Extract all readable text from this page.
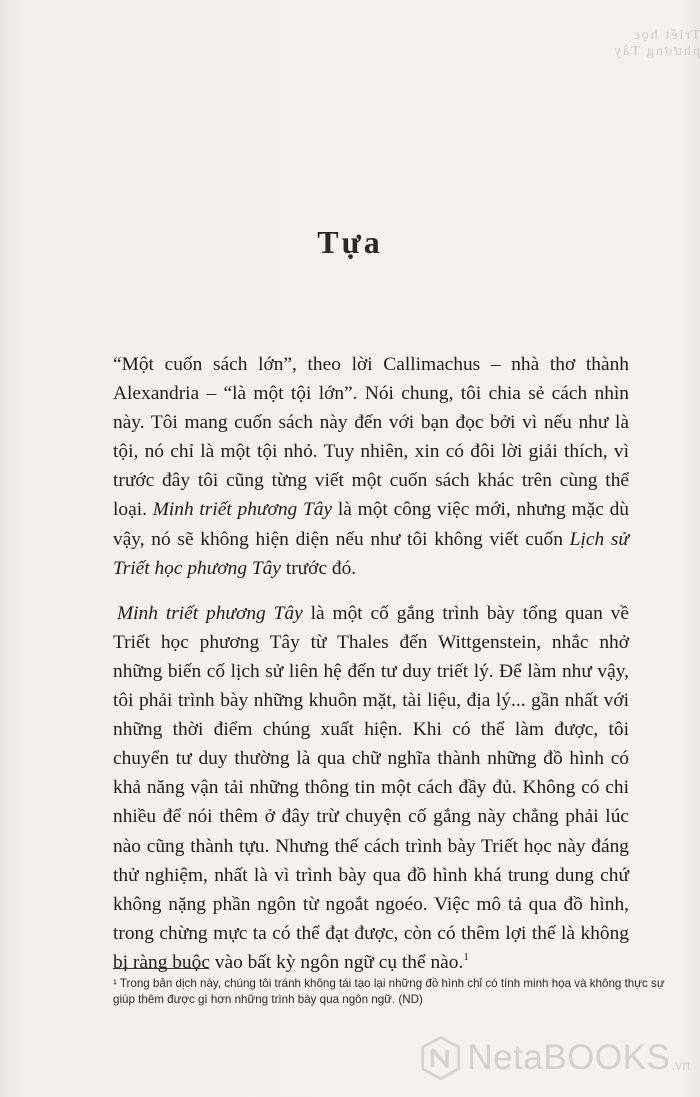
Triết học phương Tây
Tựa

“Một cuốn sách lớn”, theo lời Callimachus – nhà thơ thành Alexandria – “là một tội lớn”. Nói chung, tôi chia sẻ cách nhìn này. Tôi mang cuốn sách này đến với bạn đọc bởi vì nếu như là tội, nó chỉ là một tội nhỏ. Tuy nhiên, xin có đôi lời giải thích, vì trước đây tôi cũng từng viết một cuốn sách khác trên cùng thể loại. Minh triết phương Tây là một công việc mới, nhưng mặc dù vậy, nó sẽ không hiện diện nếu như tôi không viết cuốn Lịch sử Triết học phương Tây trước đó.

Minh triết phương Tây là một cố gắng trình bày tổng quan về Triết học phương Tây từ Thales đến Wittgenstein, nhắc nhở những biến cố lịch sử liên hệ đến tư duy triết lý. Để làm như vậy, tôi phải trình bày những khuôn mặt, tài liệu, địa lý... gần nhất với những thời điểm chúng xuất hiện. Khi có thể làm được, tôi chuyển tư duy thường là qua chữ nghĩa thành những đồ hình có khả năng vận tải những thông tin một cách đầy đủ. Không có chi nhiều để nói thêm ở đây trừ chuyện cố gắng này chẳng phải lúc nào cũng thành tựu. Nhưng thế cách trình bày Triết học này đáng thử nghiệm, nhất là vì trình bày qua đồ hình khá trung dung chứ không nặng phần ngôn từ ngoắt ngoéo. Việc mô tả qua đồ hình, trong chừng mực ta có thể đạt được, còn có thêm lợi thế là không bị ràng buộc vào bất kỳ ngôn ngữ cụ thể nào.$^1$

¹ Trong bản dịch này, chúng tôi tránh không tái tạo lại những đồ hình chỉ có tính minh họa và không thực sự giúp thêm được gì hơn những trình bày qua ngôn ngữ. (ND)
NetaBOOKS .vn
